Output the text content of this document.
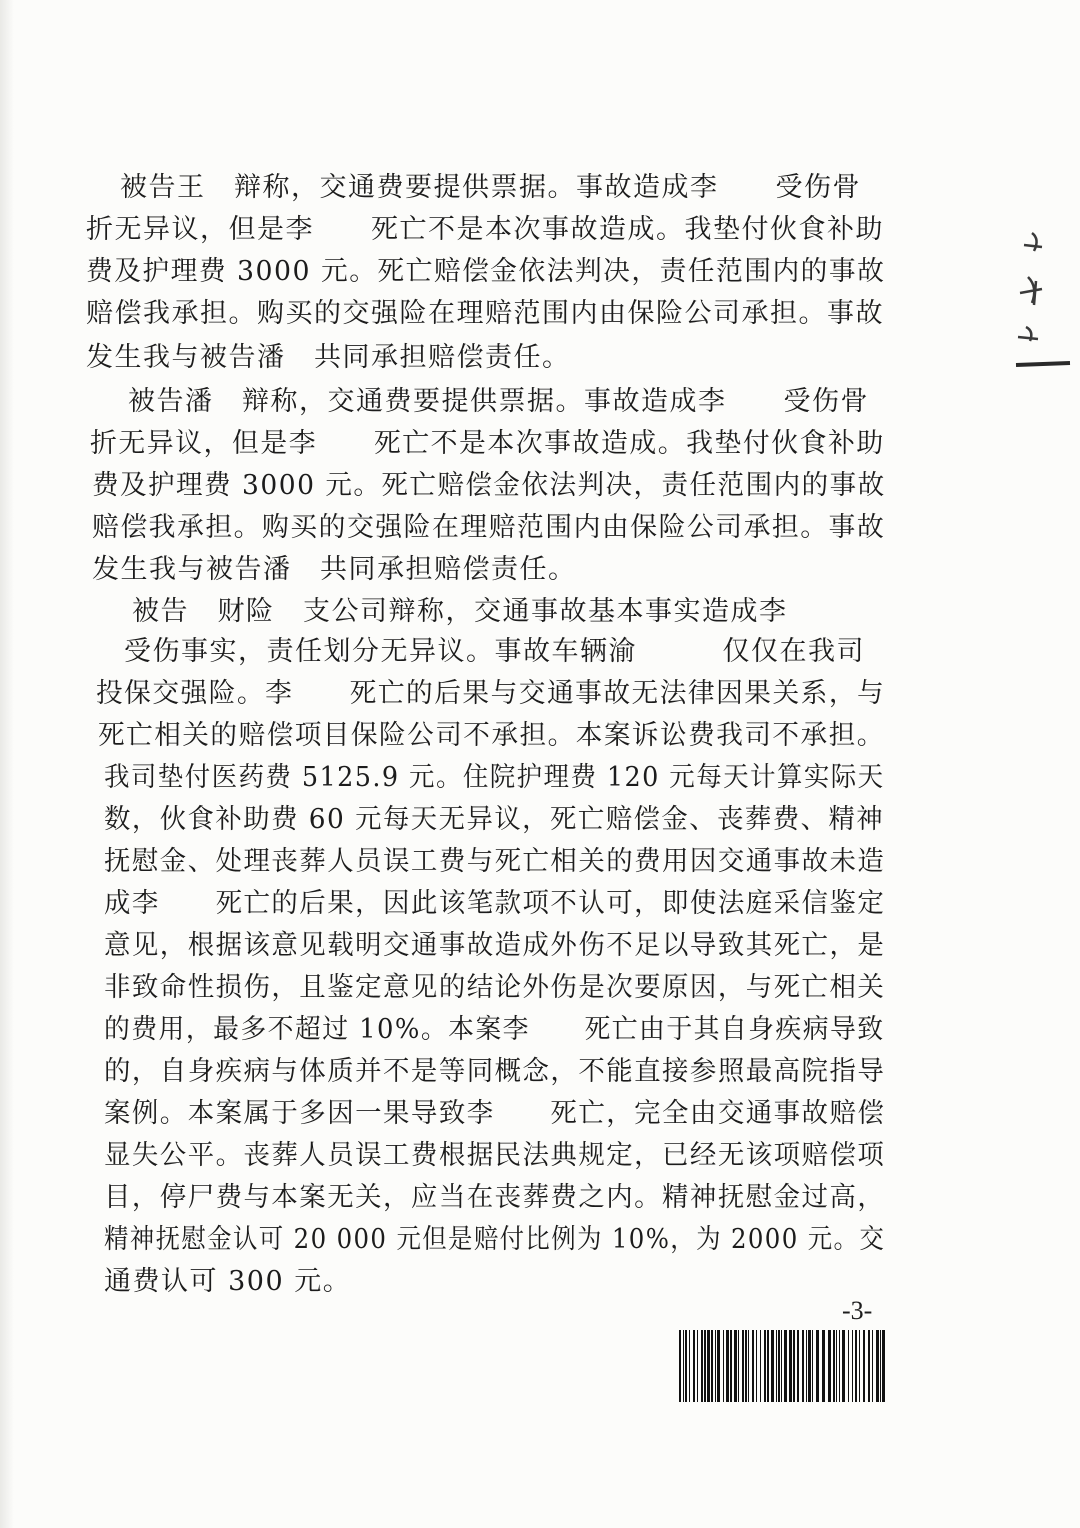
被告王　辩称，交通费要提供票据。事故造成李　　受伤骨
折无异议，但是李　　死亡不是本次事故造成。我垫付伙食补助
费及护理费 3000 元。死亡赔偿金依法判决，责任范围内的事故
赔偿我承担。购买的交强险在理赔范围内由保险公司承担。事故
发生我与被告潘　共同承担赔偿责任。
被告潘　辩称，交通费要提供票据。事故造成李　　受伤骨
折无异议，但是李　　死亡不是本次事故造成。我垫付伙食补助
费及护理费 3000 元。死亡赔偿金依法判决，责任范围内的事故
赔偿我承担。购买的交强险在理赔范围内由保险公司承担。事故
发生我与被告潘　共同承担赔偿责任。
被告　财险　支公司辩称，交通事故基本事实造成李
受伤事实，责任划分无异议。事故车辆渝　　　仅仅在我司
投保交强险。李　　死亡的后果与交通事故无法律因果关系，与
死亡相关的赔偿项目保险公司不承担。本案诉讼费我司不承担。
我司垫付医药费 5125.9 元。住院护理费 120 元每天计算实际天
数，伙食补助费 60 元每天无异议，死亡赔偿金、丧葬费、精神
抚慰金、处理丧葬人员误工费与死亡相关的费用因交通事故未造
成李　　死亡的后果，因此该笔款项不认可，即使法庭采信鉴定
意见，根据该意见载明交通事故造成外伤不足以导致其死亡，是
非致命性损伤，且鉴定意见的结论外伤是次要原因，与死亡相关
的费用，最多不超过 10%。本案李　　死亡由于其自身疾病导致
的，自身疾病与体质并不是等同概念，不能直接参照最高院指导
案例。本案属于多因一果导致李　　死亡，完全由交通事故赔偿
显失公平。丧葬人员误工费根据民法典规定，已经无该项赔偿项
目，停尸费与本案无关，应当在丧葬费之内。精神抚慰金过高，
精神抚慰金认可 20 000 元但是赔付比例为 10%，为 2000 元。交
通费认可 300 元。
-3-
